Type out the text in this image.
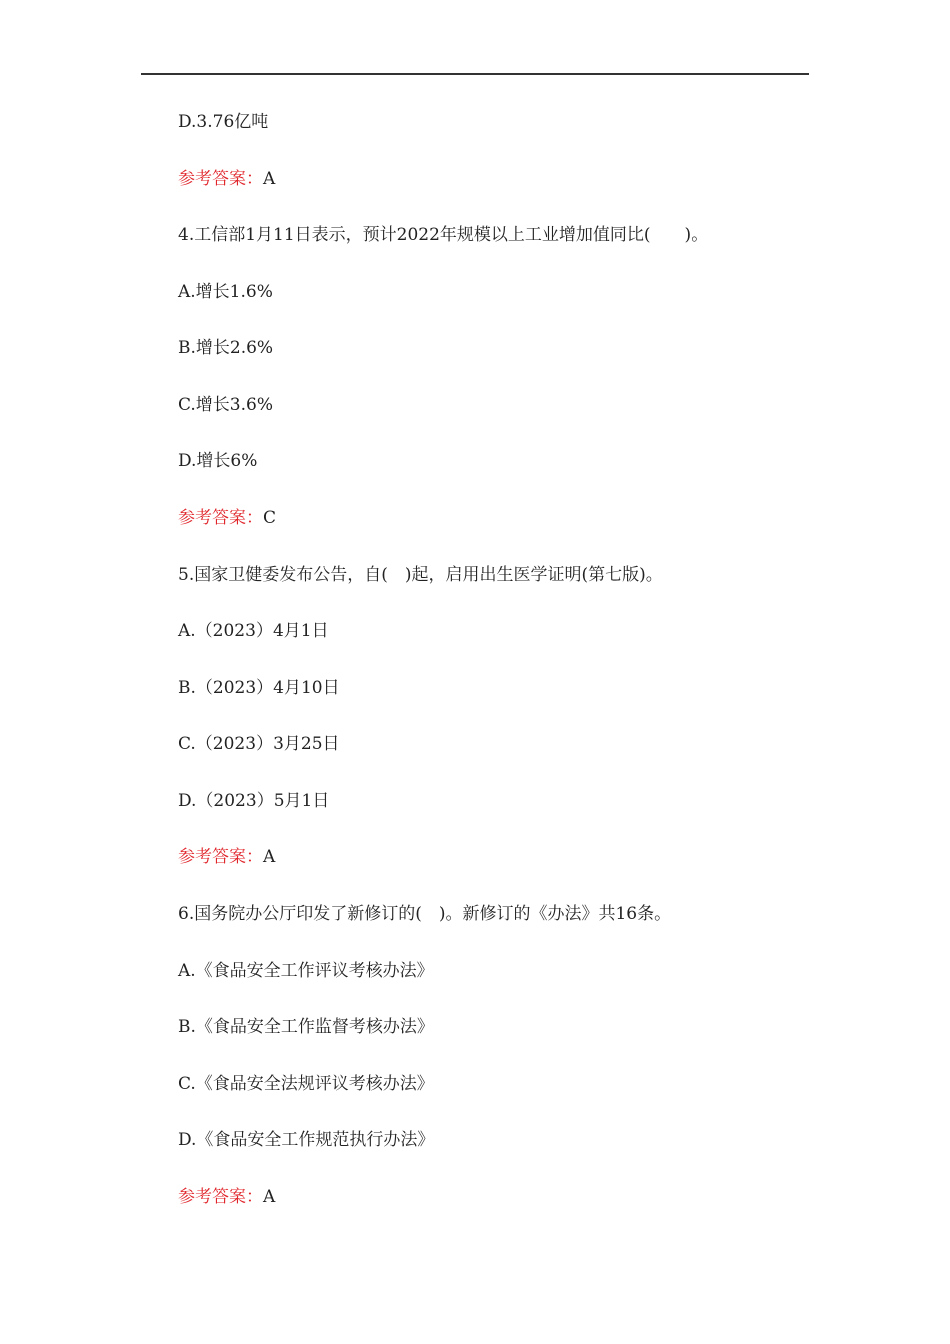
D.3.76亿吨
参考答案：A
4.工信部1月11日表示，预计2022年规模以上工业增加值同比(　　)。
A.增长1.6%
B.增长2.6%
C.增长3.6%
D.增长6%
参考答案：C
5.国家卫健委发布公告，自(　)起，启用出生医学证明(第七版)。
A.（2023）4月1日
B.（2023）4月10日
C.（2023）3月25日
D.（2023）5月1日
参考答案：A
6.国务院办公厅印发了新修订的(　)。新修订的《办法》共16条。
A.《食品安全工作评议考核办法》
B.《食品安全工作监督考核办法》
C.《食品安全法规评议考核办法》
D.《食品安全工作规范执行办法》
参考答案：A
